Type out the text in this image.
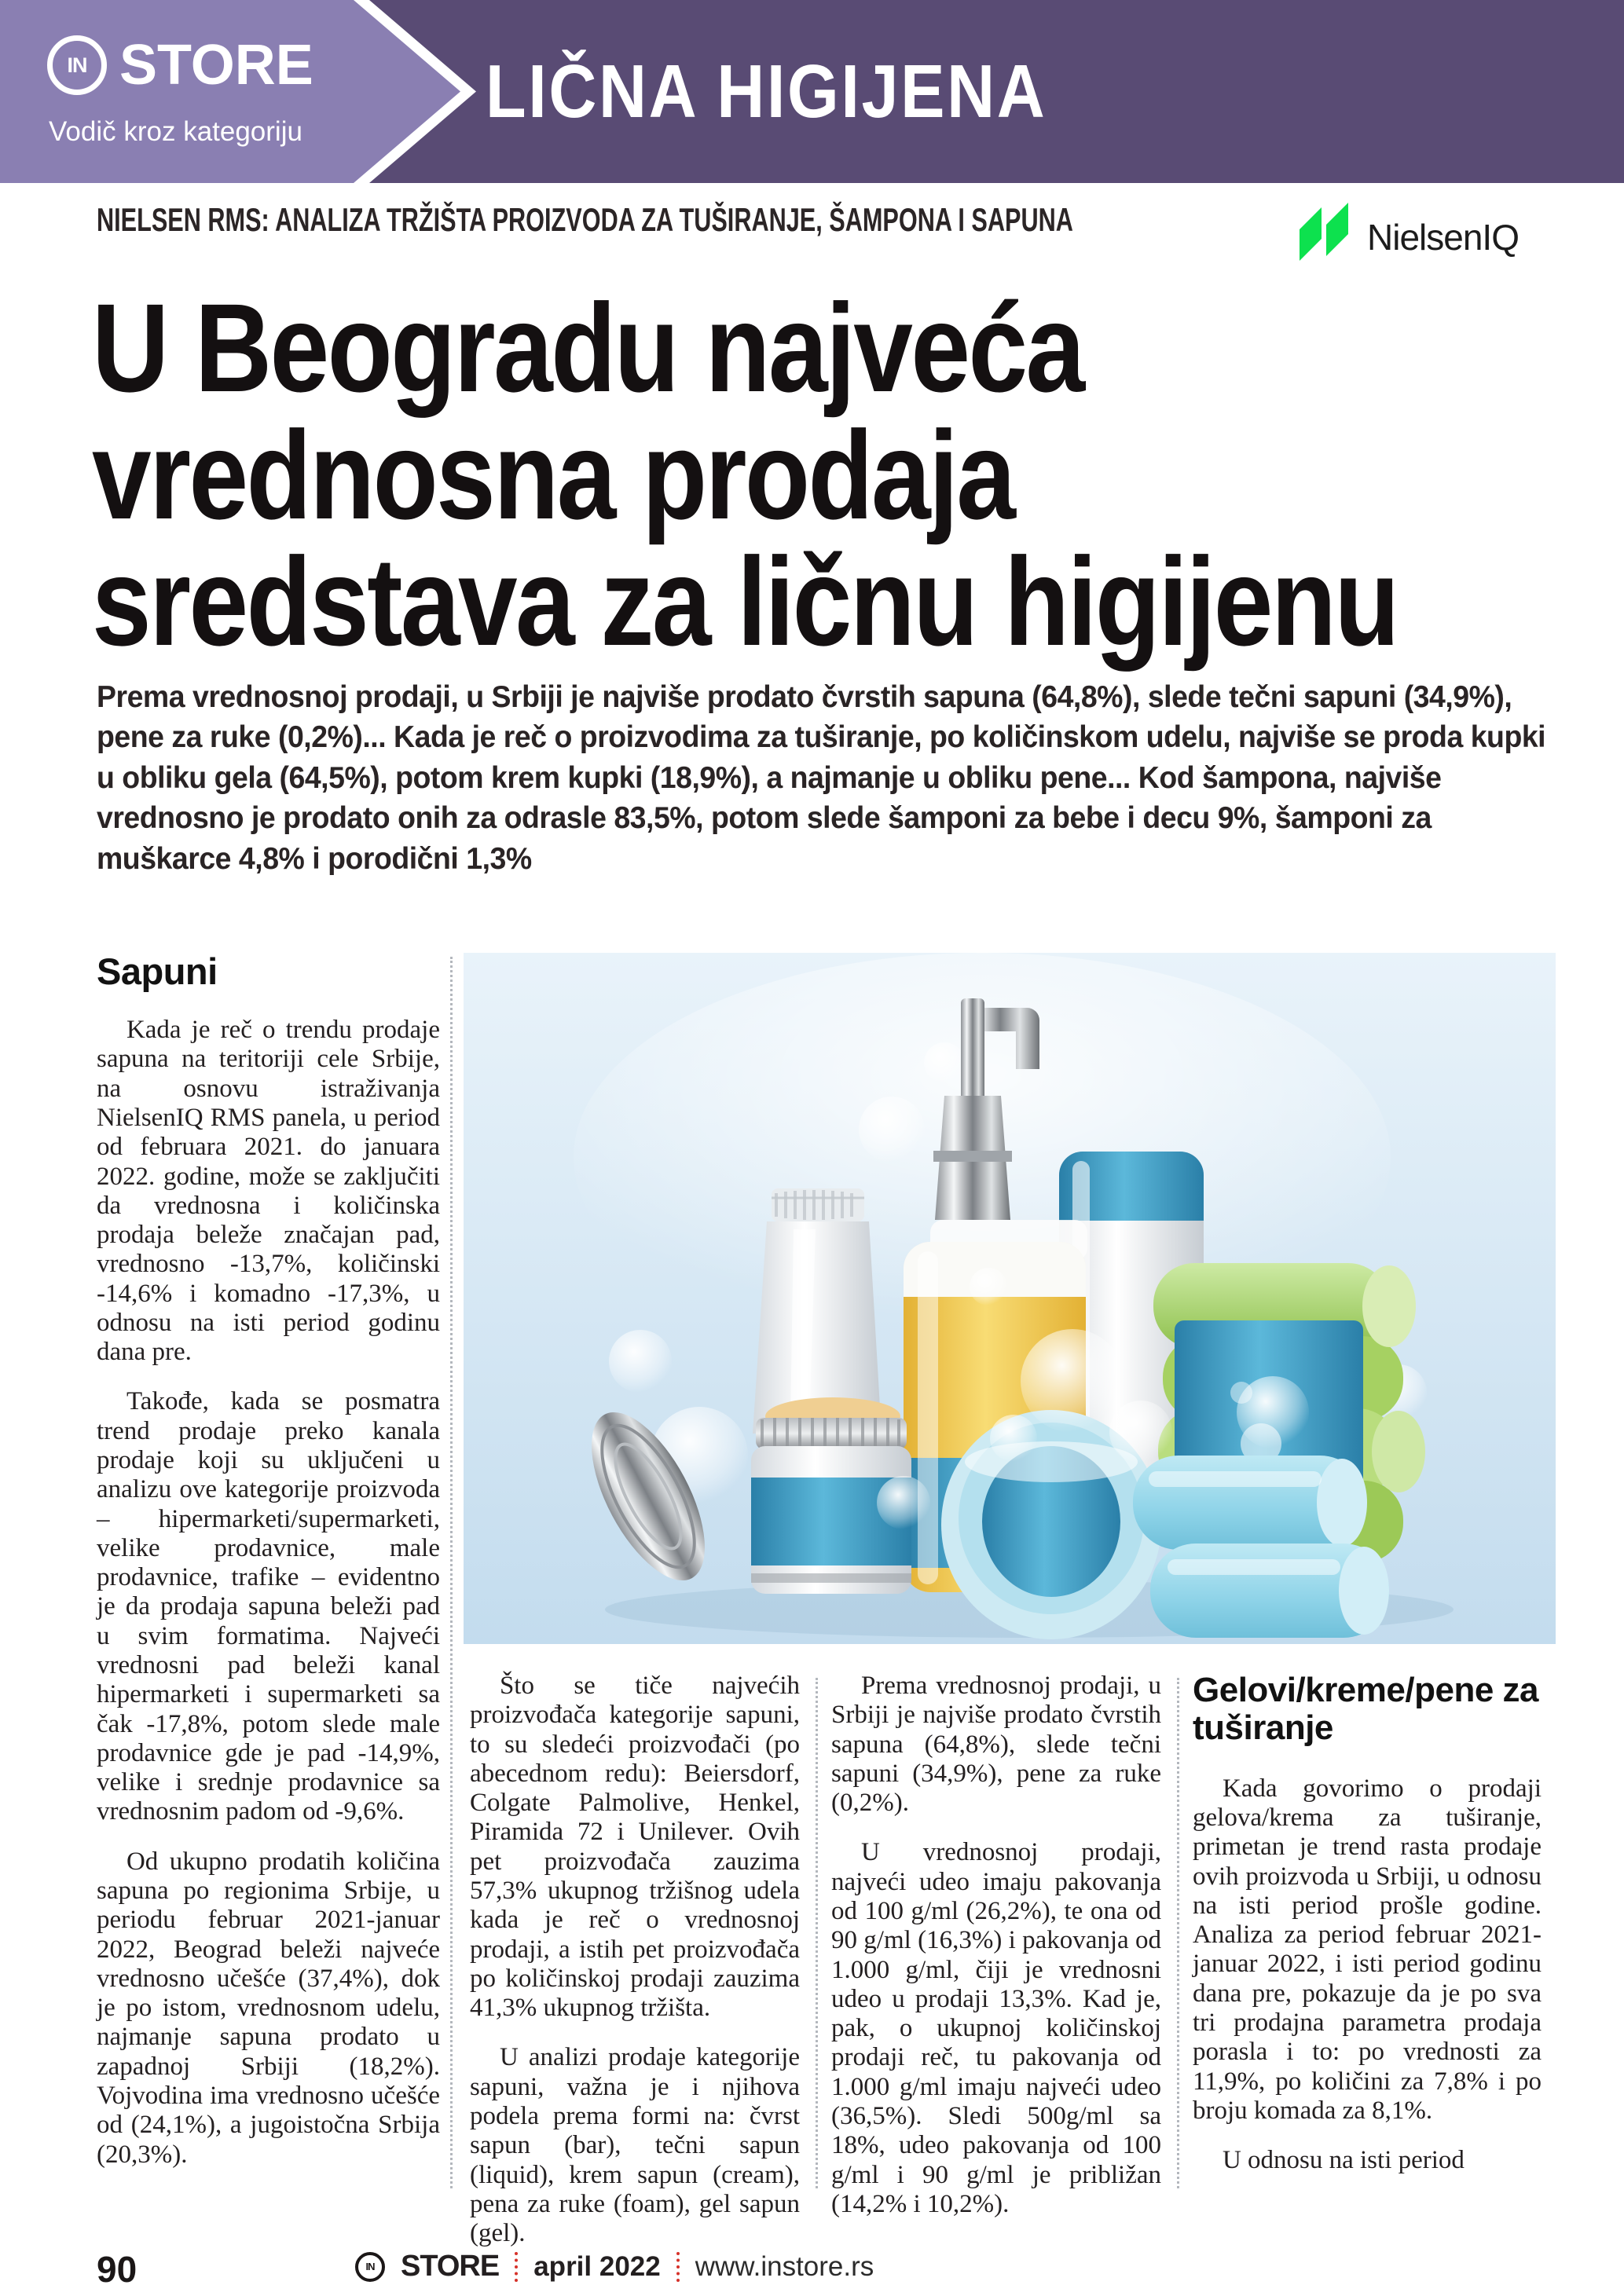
IN STORE
Vodič kroz kategoriju LIČNA HIGIJENA
NIELSEN RMS: ANALIZA TRŽIŠTA PROIZVODA ZA TUŠIRANJE, ŠAMPONA I SAPUNA	NielsenIQ
U Beogradu najveća
vrednosna prodaja
sredstava za ličnu higijenu

Prema vrednosnoj prodaji, u Srbiji je najviše prodato čvrstih sapuna (64,8%), slede tečni sapuni (34,9%), pene za ruke (0,2%)... Kada je reč o proizvodima za tuširanje, po količinskom udelu, najviše se proda kupki u obliku gela (64,5%), potom krem kupki (18,9%), a najmanje u obliku pene... Kod šampona, najviše vrednosno je prodato onih za odrasle 83,5%, potom slede šamponi za bebe i decu 9%, šamponi za muškarce 4,8% i porodični 1,3%

Sapuni

Kada je reč o trendu prodaje sapuna na teritoriji cele Srbije, na osnovu istraživanja NielsenIQ RMS panela, u period od februara 2021. do januara 2022. godine, može se zaključiti da vrednosna i količinska prodaja beleže značajan pad, vrednosno -13,7%, količinski -14,6% i komadno -17,3%, u odnosu na isti period godinu dana pre.

Takođe, kada se posmatra trend prodaje preko kanala prodaje koji su uključeni u analizu ove kategorije proizvoda – hipermarketi/supermarketi, velike prodavnice, male prodavnice, trafike – evidentno je da prodaja sapuna beleži pad u svim formatima. Najveći vrednosni pad beleži kanal hipermarketi i supermarketi sa čak -17,8%, potom slede male prodavnice gde je pad -14,9%, velike i srednje prodavnice sa vrednosnim padom od -9,6%.

Od ukupno prodatih količina sapuna po regionima Srbije, u periodu februar 2021-januar 2022, Beograd beleži najveće vrednosno učešće (37,4%), dok je po istom, vrednosnom udelu, najmanje sapuna prodato u zapadnoj Srbiji (18,2%). Vojvodina ima vrednosno učešće od (24,1%), a jugoistočna Srbija (20,3%).

Što se tiče najvećih proizvođača kategorije sapuni, to su sledeći proizvođači (po abecednom redu): Beiersdorf, Colgate Palmolive, Henkel, Piramida 72 i Unilever. Ovih pet proizvođača zauzima 57,3% ukupnog tržišnog udela kada je reč o vrednosnoj prodaji, a istih pet proizvođača po količinskoj prodaji zauzima 41,3% ukupnog tržišta.

U analizi prodaje kategorije sapuni, važna je i njihova podela prema formi na: čvrst sapun (bar), tečni sapun (liquid), krem sapun (cream), pena za ruke (foam), gel sapun (gel).

Prema vrednosnoj prodaji, u Srbiji je najviše prodato čvrstih sapuna (64,8%), slede tečni sapuni (34,9%), pene za ruke (0,2%).

U vrednosnoj prodaji, najveći udeo imaju pakovanja od 100 g/ml (26,2%), te ona od 90 g/ml (16,3%) i pakovanja od 1.000 g/ml, čiji je vrednosni udeo u prodaji 13,3%. Kad je, pak, o ukupnoj količinskoj prodaji reč, tu pakovanja od 1.000 g/ml imaju najveći udeo (36,5%). Sledi 500g/ml sa 18%, udeo pakovanja od 100 g/ml i 90 g/ml je približan (14,2% i 10,2%).

Gelovi/kreme/pene za tuširanje

Kada govorimo o prodaji gelova/krema za tuširanje, primetan je trend rasta prodaje ovih proizvoda u Srbiji, u odnosu na isti period prošle godine. Analiza za period februar 2021-januar 2022, i isti period godinu dana pre, pokazuje da je po sva tri prodajna parametra prodaja porasla i to: po vrednosti za 11,9%, po količini za 7,8% i po broju komada za 8,1%.

U odnosu na isti period

90	IN STORE april 2022 www.instore.rs
